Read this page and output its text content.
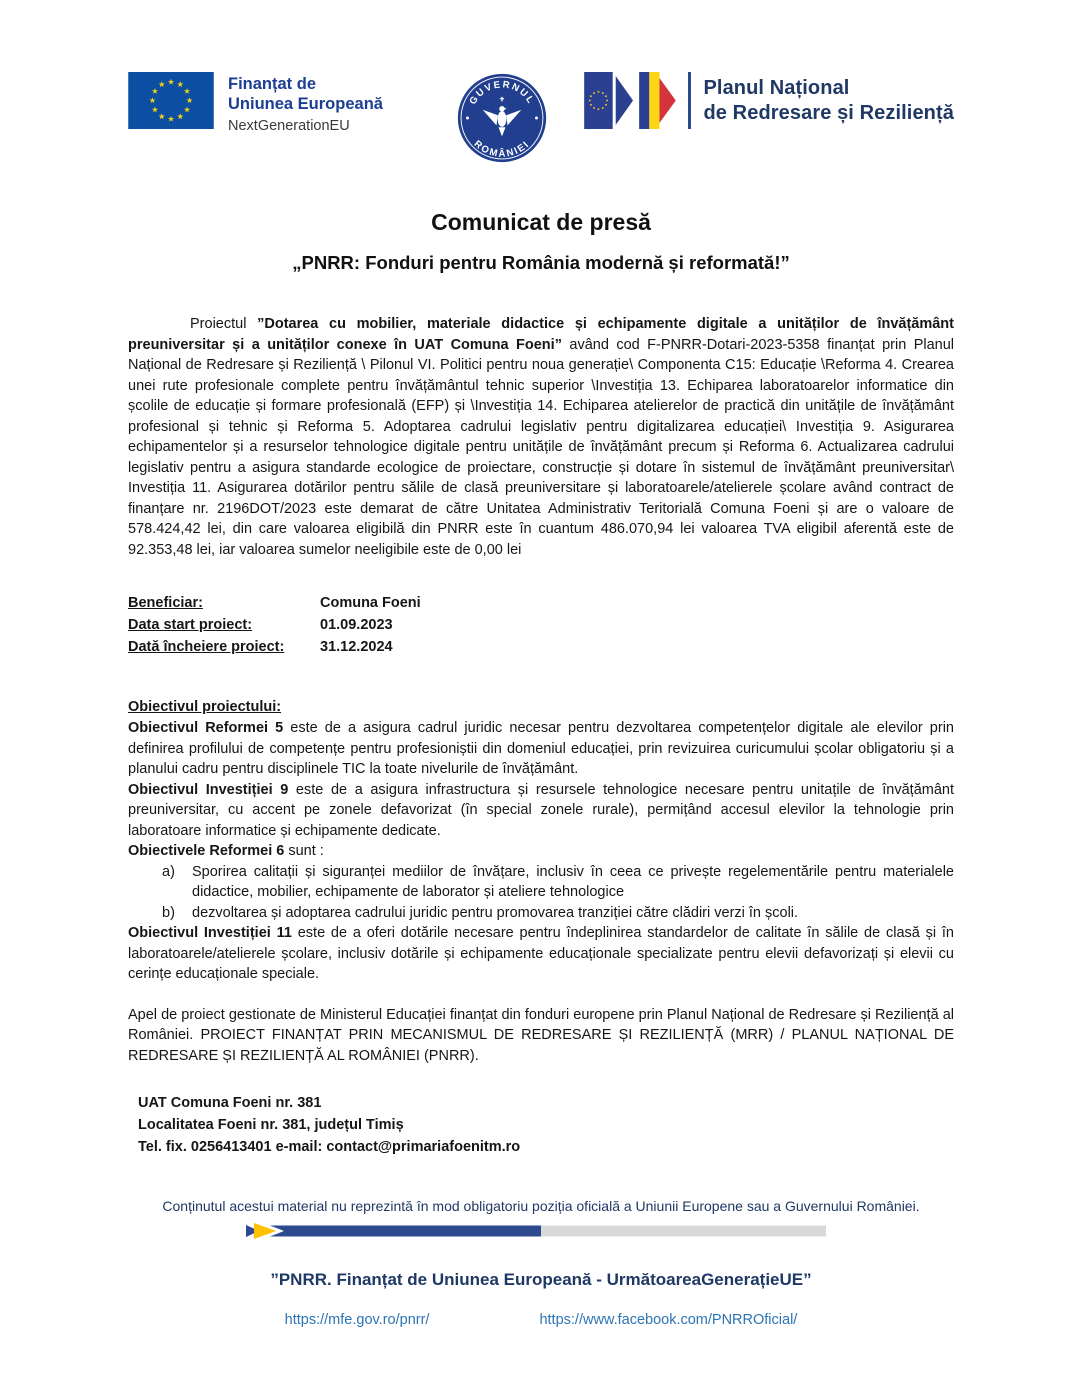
Finanțat de
Uniunea Europeană
NextGenerationEU
GUVERNUL
ROMÂNIEI
Planul Național
de Redresare și Reziliență
Comunicat de presă
„PNRR: Fonduri pentru România modernă și reformată!”

Proiectul ”Dotarea cu mobilier, materiale didactice și echipamente digitale a unităților de învățământ preuniversitar și a unităților conexe în UAT Comuna Foeni” având cod F-PNRR-Dotari-2023-5358 finanțat prin Planul Național de Redresare și Reziliență \ Pilonul VI. Politici pentru noua generație\ Componenta C15: Educație \Reforma 4. Crearea unei rute profesionale complete pentru învățământul tehnic superior \Investiția 13. Echiparea laboratoarelor informatice din școlile de educație și formare profesională (EFP) și \Investiția 14. Echiparea atelierelor de practică din unitățile de învățământ profesional și tehnic și Reforma 5. Adoptarea cadrului legislativ pentru digitalizarea educației\ Investiția 9. Asigurarea echipamentelor și a resurselor tehnologice digitale pentru unitățile de învățământ precum și Reforma 6. Actualizarea cadrului legislativ pentru a asigura standarde ecologice de proiectare, construcție și dotare în sistemul de învățământ preuniversitar\ Investiția 11. Asigurarea dotărilor pentru sălile de clasă preuniversitare și laboratoarele/atelierele școlare având contract de finanțare nr. 2196DOT/2023 este demarat de către Unitatea Administrativ Teritorială Comuna Foeni și are o valoare de 578.424,42 lei, din care valoarea eligibilă din PNRR este în cuantum 486.070,94 lei valoarea TVA eligibil aferentă este de 92.353,48 lei, iar valoarea sumelor neeligibile este de 0,00 lei

Beneficiar:	Comuna Foeni
Data start proiect:	01.09.2023
Dată încheiere proiect:	31.12.2024
Obiectivul proiectului:

Obiectivul Reformei 5 este de a asigura cadrul juridic necesar pentru dezvoltarea competențelor digitale ale elevilor prin definirea profilului de competențe pentru profesioniștii din domeniul educației, prin revizuirea curicumului școlar obligatoriu și a planului cadru pentru disciplinele TIC la toate nivelurile de învățământ.

Obiectivul Investiției 9 este de a asigura infrastructura și resursele tehnologice necesare pentru unitațile de învățământ preuniversitar, cu accent pe zonele defavorizat (în special zonele rurale), permițând accesul elevilor la tehnologie prin laboratoare informatice și echipamente dedicate.

Obiectivele Reformei 6 sunt :

a)	Sporirea calitații și siguranței mediilor de învățare, inclusiv în ceea ce privește regelementările pentru materialele didactice, mobilier, echipamente de laborator și ateliere tehnologice
b)	dezvoltarea și adoptarea cadrului juridic pentru promovarea tranziției către clădiri verzi în școli.

Obiectivul Investiției 11 este de a oferi dotările necesare pentru îndeplinirea standardelor de calitate în sălile de clasă și în laboratoarele/atelierele școlare, inclusiv dotările și echipamente educaționale specializate pentru elevii defavorizați și elevii cu cerințe educaționale speciale.

Apel de proiect gestionate de Ministerul Educației finanțat din fonduri europene prin Planul Național de Redresare și Reziliență al României. PROIECT FINANȚAT PRIN MECANISMUL DE REDRESARE ȘI REZILIENȚĂ (MRR) / PLANUL NAȚIONAL DE REDRESARE ȘI REZILIENȚĂ AL ROMÂNIEI (PNRR).

UAT Comuna Foeni nr. 381
Localitatea Foeni nr. 381, județul Timiș
Tel. fix. 0256413401 e-mail: contact@primariafoenitm.ro
Conținutul acestui material nu reprezintă în mod obligatoriu poziția oficială a Uniunii Europene sau a Guvernului României.
”PNRR. Finanțat de Uniunea Europeană - UrmătoareaGenerațieUE”
https://mfe.gov.ro/pnrr/	https://www.facebook.com/PNRROficial/
